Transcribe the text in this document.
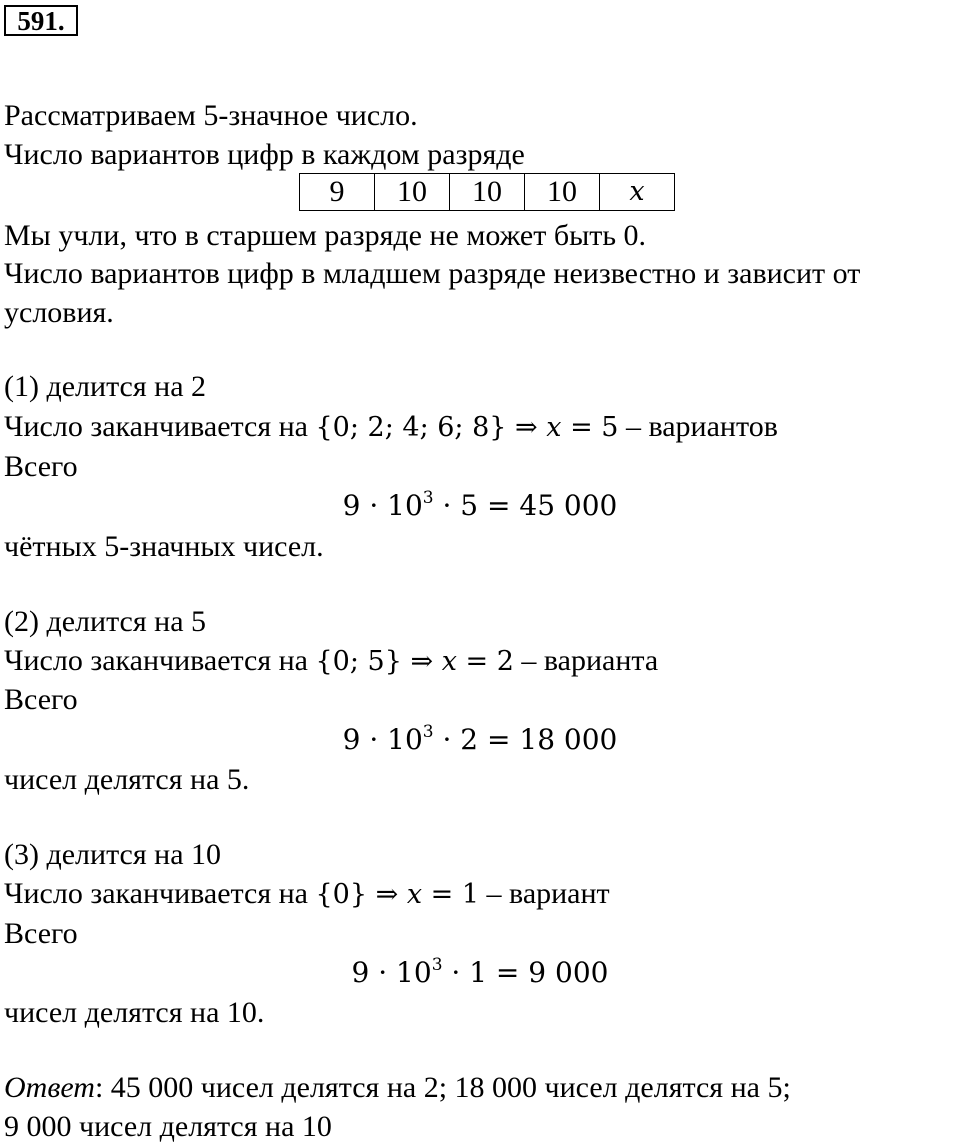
591.
Рассматриваем 5-значное число.
Число вариантов цифр в каждом разряде
9	10	10	10	x
Мы учли, что в старшем разряде не может быть 0.
Число вариантов цифр в младшем разряде неизвестно и зависит от
условия.
(1) делится на 2
Число заканчивается на {0; 2; 4; 6; 8} ⇒ x = 5 – вариантов
Всего
$9 \cdot 10^3 \cdot 5 = 45$ 000
чётных 5-значных чисел.
(2) делится на 5
Число заканчивается на {0; 5} ⇒ x = 2 – варианта
Всего
$9 \cdot 10^3 \cdot 2 = 18$ 000
чисел делятся на 5.
(3) делится на 10
Число заканчивается на {0} ⇒ x = 1 – вариант
Всего
$9 \cdot 10^3 \cdot 1 = 9$ 000
чисел делятся на 10.
Ответ: 45 000 чисел делятся на 2; 18 000 чисел делятся на 5;
9 000 чисел делятся на 10
